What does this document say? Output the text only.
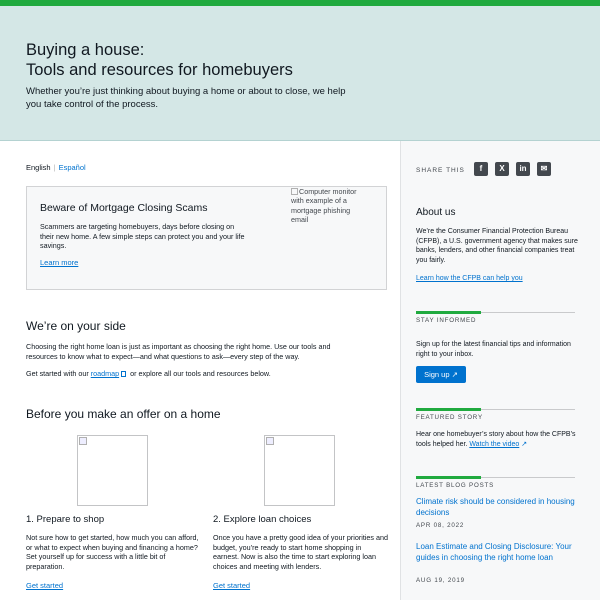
Buying a house:
Tools and resources for homebuyers

Whether you’re just thinking about buying a home or about to close, we help you take control of the process.

English | Español
Beware of Mortgage Closing Scams

Scammers are targeting homebuyers, days before closing on their new home. A few simple steps can protect you and your life savings.

Learn more
Computer monitor with example of a mortgage phishing email
We’re on your side

Choosing the right home loan is just as important as choosing the right home. Use our tools and resources to know what to expect—and what questions to ask—every step of the way.

Get started with our roadmap or explore all our tools and resources below.

Before you make an offer on a home
1. Prepare to shop

Not sure how to get started, how much you can afford, or what to expect when buying and financing a home? Set yourself up for success with a little bit of preparation.

Get started
2. Explore loan choices

Once you have a pretty good idea of your priorities and budget, you’re ready to start home shopping in earnest. Now is also the time to start exploring loan choices and meeting with lenders.

Get started
SHARE THIS	f	X	in	✉
About us

We’re the Consumer Financial Protection Bureau (CFPB), a U.S. government agency that makes sure banks, lenders, and other financial companies treat you fairly.

Learn how the CFPB can help you
STAY INFORMED

Sign up for the latest financial tips and information right to your inbox.

Sign up ↗
FEATURED STORY

Hear one homebuyer’s story about how the CFPB’s tools helped her. Watch the video ↗

LATEST BLOG POSTS
Climate risk should be considered in housing decisions
APR 08, 2022
Loan Estimate and Closing Disclosure: Your guides in choosing the right home loan
AUG 19, 2019
